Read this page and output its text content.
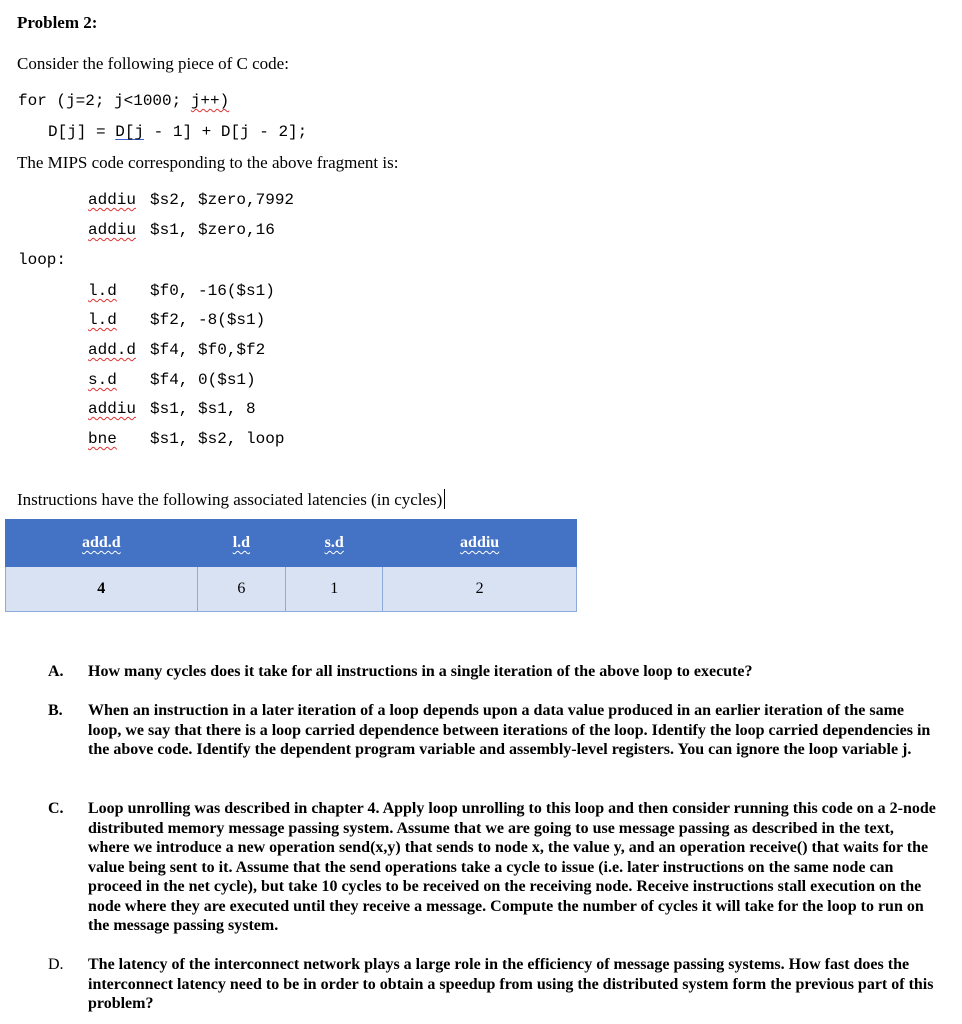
Problem 2:
Consider the following piece of C code:
for (j=2; j<1000; j++)
D[j] = D[j - 1] + D[j - 2];
The MIPS code corresponding to the above fragment is:
addiu $s2, $zero,7992
addiu $s1, $zero,16
loop:
l.d $f0, -16($s1)
l.d $f2, -8($s1)
add.d $f4, $f0,$f2
s.d $f4, 0($s1)
addiu $s1, $s1, 8
bne $s1, $s2, loop
Instructions have the following associated latencies (in cycles)
add.d	l.d	s.d	addiu
4	6	1	2
A. How many cycles does it take for all instructions in a single iteration of the above loop to execute?
B. When an instruction in a later iteration of a loop depends upon a data value produced in an earlier iteration of the same loop, we say that there is a loop carried dependence between iterations of the loop. Identify the loop carried dependencies in the above code. Identify the dependent program variable and assembly-level registers. You can ignore the loop variable j.
C. Loop unrolling was described in chapter 4. Apply loop unrolling to this loop and then consider running this code on a 2-node distributed memory message passing system. Assume that we are going to use message passing as described in the text, where we introduce a new operation send(x,y) that sends to node x, the value y, and an operation receive() that waits for the value being sent to it. Assume that the send operations take a cycle to issue (i.e. later instructions on the same node can proceed in the net cycle), but take 10 cycles to be received on the receiving node. Receive instructions stall execution on the node where they are executed until they receive a message. Compute the number of cycles it will take for the loop to run on the message passing system.
D. The latency of the interconnect network plays a large role in the efficiency of message passing systems. How fast does the interconnect latency need to be in order to obtain a speedup from using the distributed system form the previous part of this problem?
